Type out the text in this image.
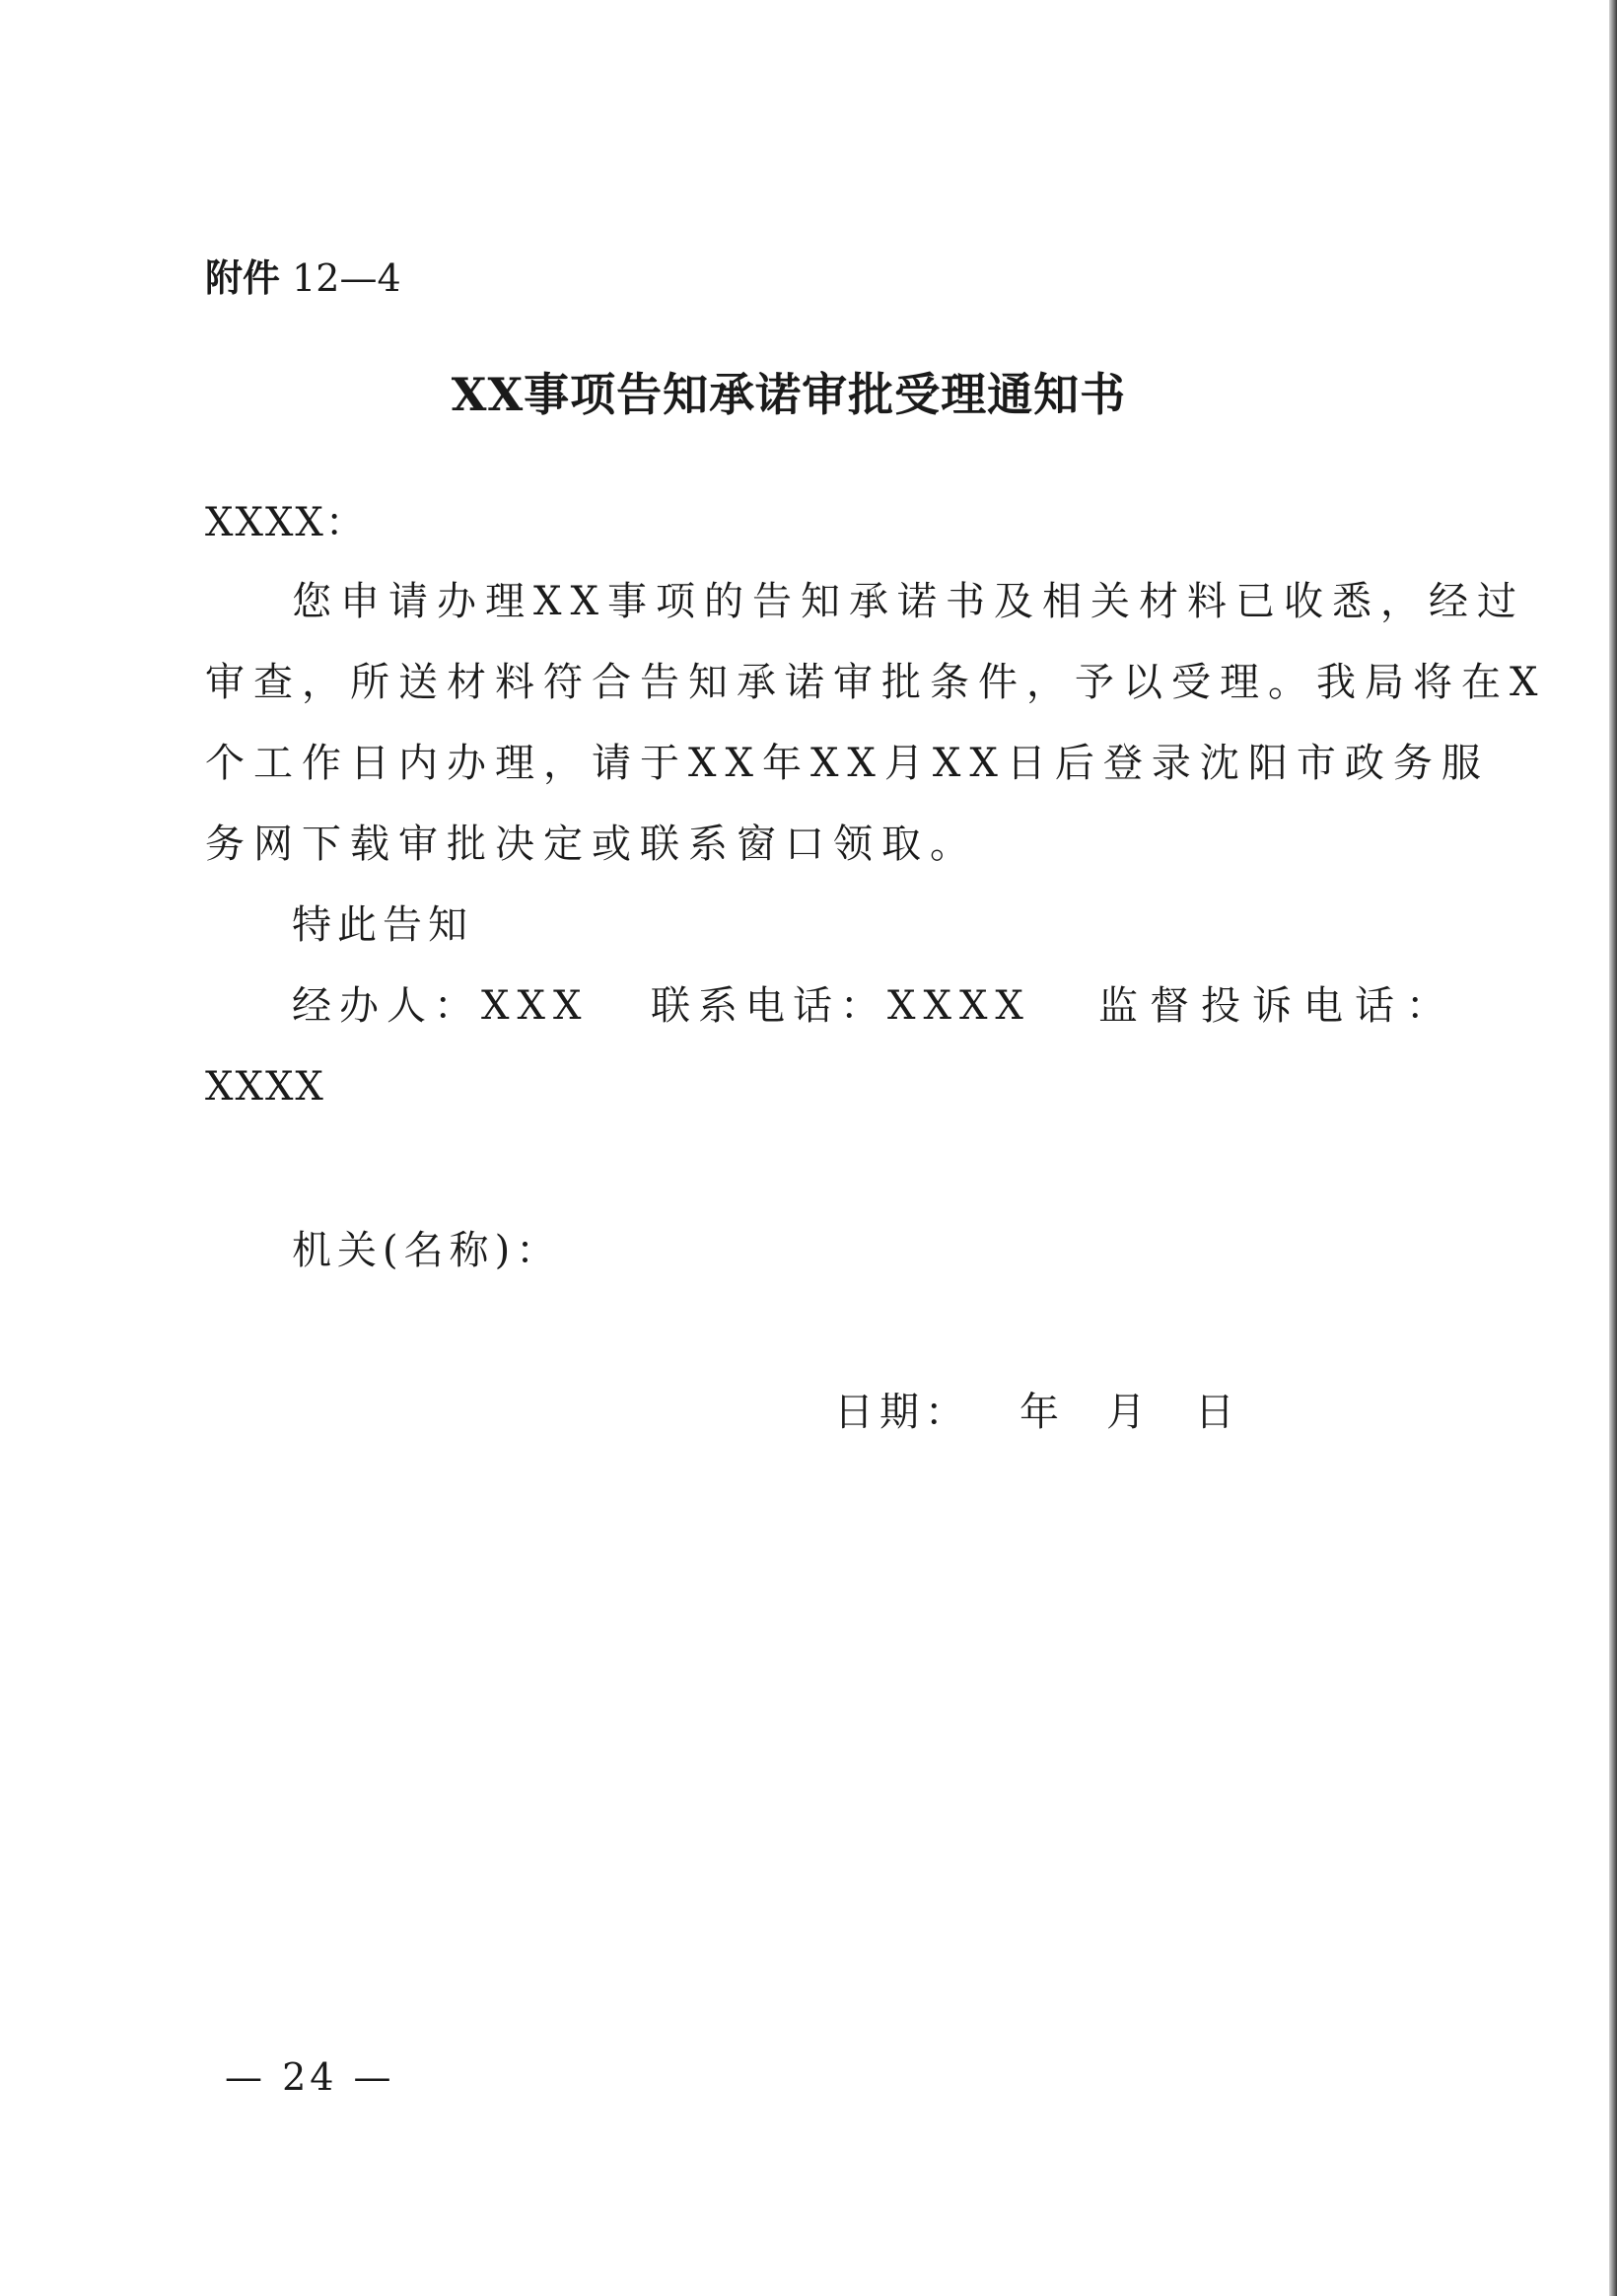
附件 12—4
XX事项告知承诺审批受理通知书
XXXX：
您申请办理XX事项的告知承诺书及相关材料已收悉，经过
审查，所送材料符合告知承诺审批条件，予以受理。我局将在X
个工作日内办理，请于XX年XX月XX日后登录沈阳市政务服
务网下载审批决定或联系窗口领取。
特此告知
经办人：XXX 联系电话：XXXX 监督投诉电话：
XXXX
机关(名称)：
日期： 年 月 日
— 24 —
